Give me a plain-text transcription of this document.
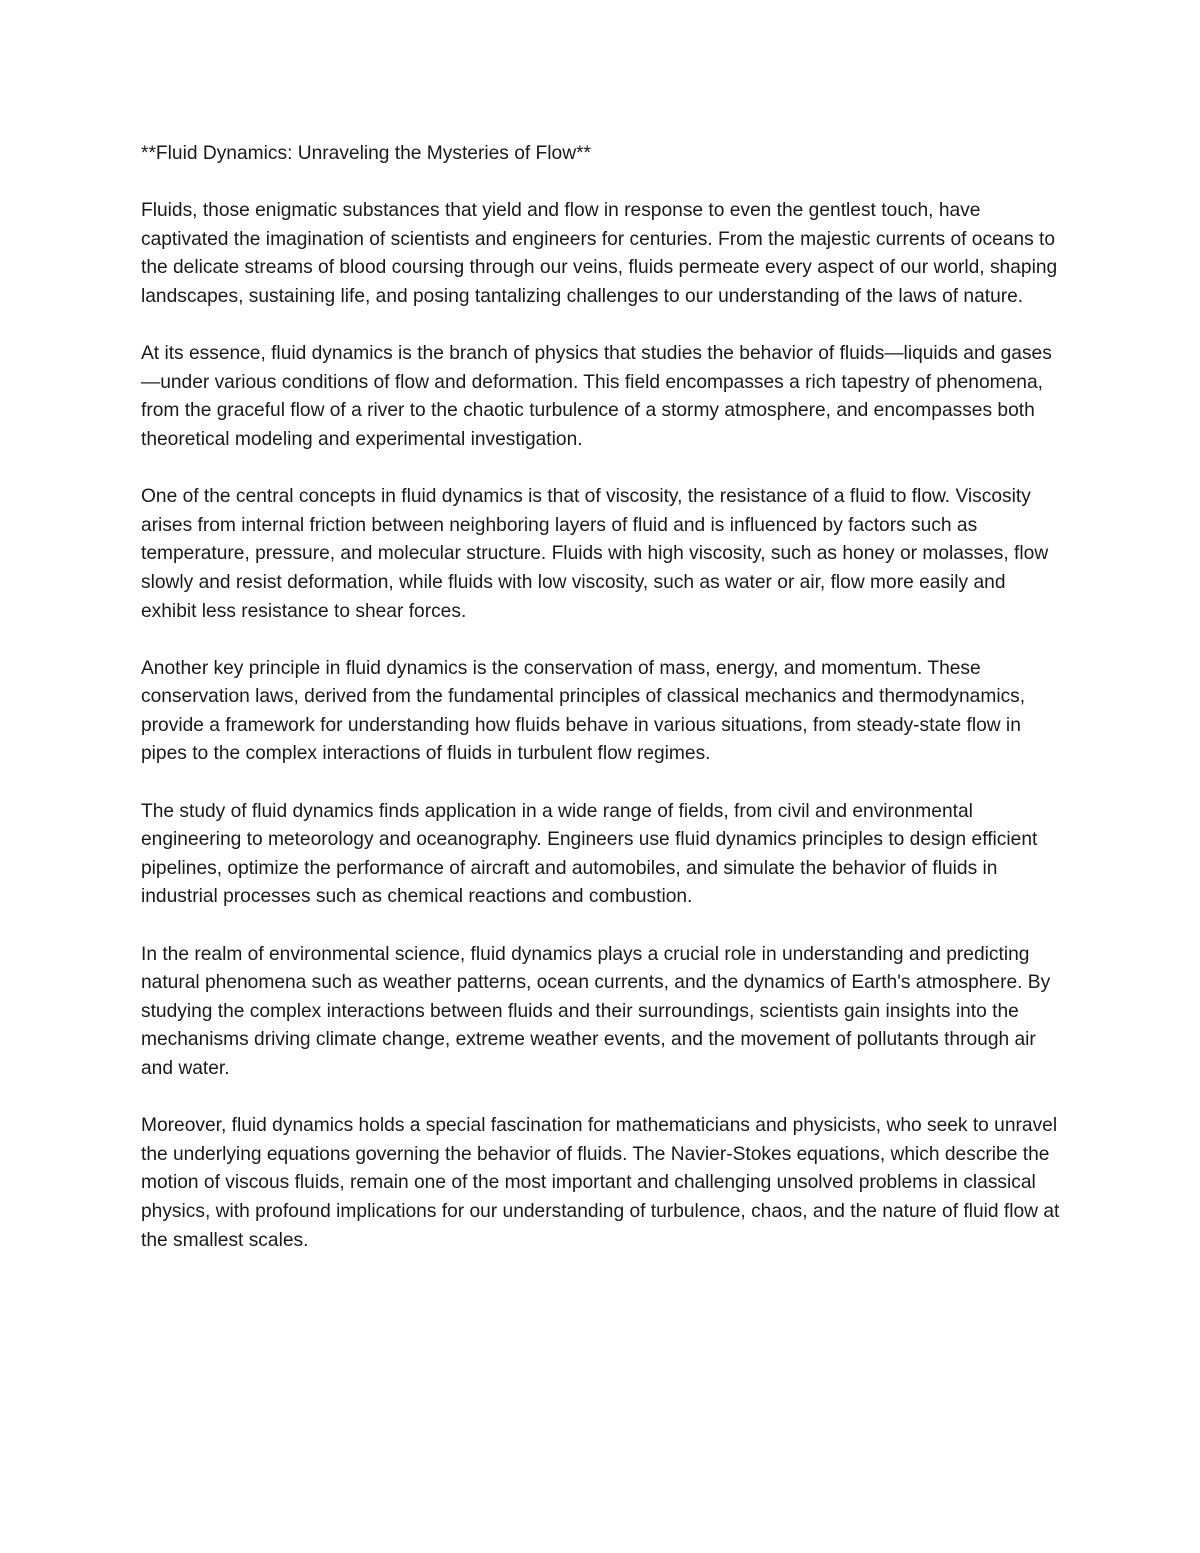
**Fluid Dynamics: Unraveling the Mysteries of Flow**

Fluids, those enigmatic substances that yield and flow in response to even the gentlest touch, have captivated the imagination of scientists and engineers for centuries. From the majestic currents of oceans to the delicate streams of blood coursing through our veins, fluids permeate every aspect of our world, shaping landscapes, sustaining life, and posing tantalizing challenges to our understanding of the laws of nature.

At its essence, fluid dynamics is the branch of physics that studies the behavior of fluids—liquids and gases—under various conditions of flow and deformation. This field encompasses a rich tapestry of phenomena, from the graceful flow of a river to the chaotic turbulence of a stormy atmosphere, and encompasses both theoretical modeling and experimental investigation.

One of the central concepts in fluid dynamics is that of viscosity, the resistance of a fluid to flow. Viscosity arises from internal friction between neighboring layers of fluid and is influenced by factors such as temperature, pressure, and molecular structure. Fluids with high viscosity, such as honey or molasses, flow slowly and resist deformation, while fluids with low viscosity, such as water or air, flow more easily and exhibit less resistance to shear forces.

Another key principle in fluid dynamics is the conservation of mass, energy, and momentum. These conservation laws, derived from the fundamental principles of classical mechanics and thermodynamics, provide a framework for understanding how fluids behave in various situations, from steady-state flow in pipes to the complex interactions of fluids in turbulent flow regimes.

The study of fluid dynamics finds application in a wide range of fields, from civil and environmental engineering to meteorology and oceanography. Engineers use fluid dynamics principles to design efficient pipelines, optimize the performance of aircraft and automobiles, and simulate the behavior of fluids in industrial processes such as chemical reactions and combustion.

In the realm of environmental science, fluid dynamics plays a crucial role in understanding and predicting natural phenomena such as weather patterns, ocean currents, and the dynamics of Earth's atmosphere. By studying the complex interactions between fluids and their surroundings, scientists gain insights into the mechanisms driving climate change, extreme weather events, and the movement of pollutants through air and water.

Moreover, fluid dynamics holds a special fascination for mathematicians and physicists, who seek to unravel the underlying equations governing the behavior of fluids. The Navier-Stokes equations, which describe the motion of viscous fluids, remain one of the most important and challenging unsolved problems in classical physics, with profound implications for our understanding of turbulence, chaos, and the nature of fluid flow at the smallest scales.
